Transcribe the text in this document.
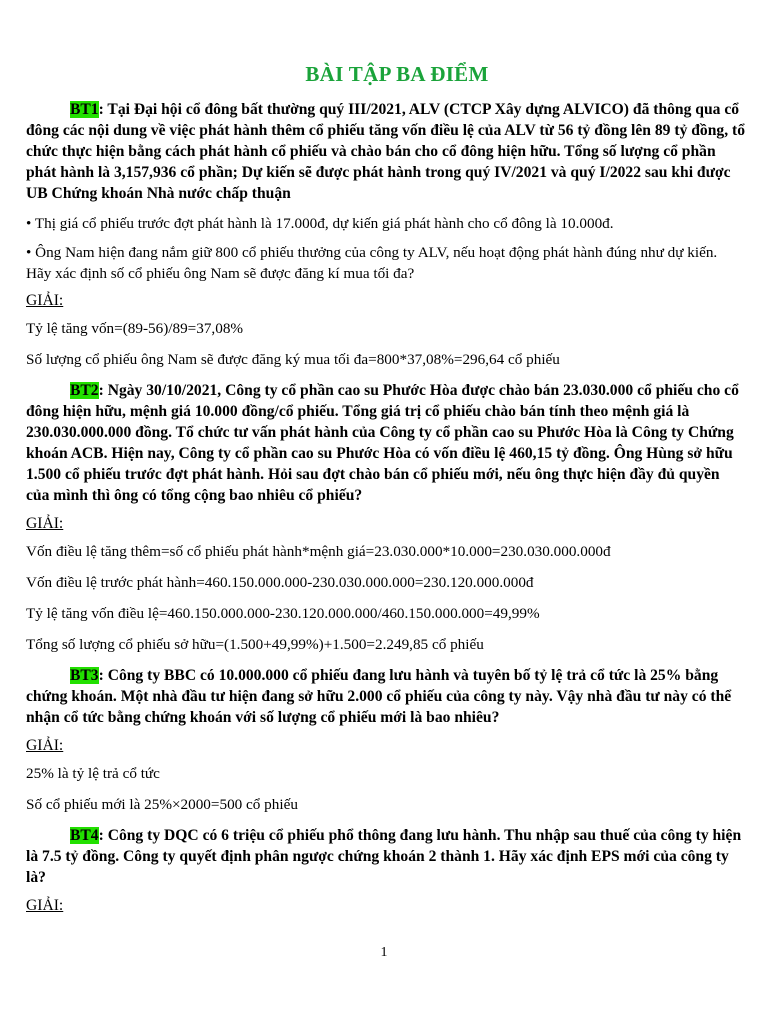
BÀI TẬP BA ĐIỂM
BT1: Tại Đại hội cổ đông bất thường quý III/2021, ALV (CTCP Xây dựng ALVICO) đã thông qua cổ đông các nội dung về việc phát hành thêm cổ phiếu tăng vốn điều lệ của ALV từ 56 tỷ đồng lên 89 tỷ đồng, tổ chức thực hiện bằng cách phát hành cổ phiếu và chào bán cho cổ đông hiện hữu. Tổng số lượng cổ phần phát hành là 3,157,936 cổ phần; Dự kiến sẽ được phát hành trong quý IV/2021 và quý I/2022 sau khi được UB Chứng khoán Nhà nước chấp thuận
• Thị giá cổ phiếu trước đợt phát hành là 17.000đ, dự kiến giá phát hành cho cổ đông là 10.000đ.
• Ông Nam hiện đang nắm giữ 800 cổ phiếu thưởng của công ty ALV, nếu hoạt động phát hành đúng như dự kiến. Hãy xác định số cổ phiếu ông Nam sẽ được đăng kí mua tối đa?
GIẢI:
Tỷ lệ tăng vốn=(89-56)/89=37,08%
Số lượng cổ phiếu ông Nam sẽ được đăng ký mua tối đa=800*37,08%=296,64 cổ phiếu
BT2: Ngày 30/10/2021, Công ty cổ phần cao su Phước Hòa được chào bán 23.030.000 cổ phiếu cho cổ đông hiện hữu, mệnh giá 10.000 đồng/cổ phiếu. Tổng giá trị cổ phiếu chào bán tính theo mệnh giá là 230.030.000.000 đồng. Tổ chức tư vấn phát hành của Công ty cổ phần cao su Phước Hòa là Công ty Chứng khoán ACB. Hiện nay, Công ty cổ phần cao su Phước Hòa có vốn điều lệ 460,15 tỷ đồng. Ông Hùng sở hữu 1.500 cổ phiếu trước đợt phát hành. Hỏi sau đợt chào bán cổ phiếu mới, nếu ông thực hiện đầy đủ quyền của mình thì ông có tổng cộng bao nhiêu cổ phiếu?
GIẢI:
Vốn điều lệ tăng thêm=số cổ phiếu phát hành*mệnh giá=23.030.000*10.000=230.030.000.000đ
Vốn điều lệ trước phát hành=460.150.000.000-230.030.000.000=230.120.000.000đ
Tỷ lệ tăng vốn điều lệ=460.150.000.000-230.120.000.000/460.150.000.000=49,99%
Tổng số lượng cổ phiếu sở hữu=(1.500+49,99%)+1.500=2.249,85 cổ phiếu
BT3: Công ty BBC có 10.000.000 cổ phiếu đang lưu hành và tuyên bố tỷ lệ trả cổ tức là 25% bằng chứng khoán. Một nhà đầu tư hiện đang sở hữu 2.000 cổ phiếu của công ty này. Vậy nhà đầu tư này có thể nhận cổ tức bằng chứng khoán với số lượng cổ phiếu mới là bao nhiêu?
GIẢI:
25% là tỷ lệ trả cổ tức
Số cổ phiếu mới là 25%×2000=500 cổ phiếu
BT4: Công ty DQC có 6 triệu cổ phiếu phổ thông đang lưu hành. Thu nhập sau thuế của công ty hiện là 7.5 tỷ đồng. Công ty quyết định phân ngược chứng khoán 2 thành 1. Hãy xác định EPS mới của công ty là?
GIẢI:
1
